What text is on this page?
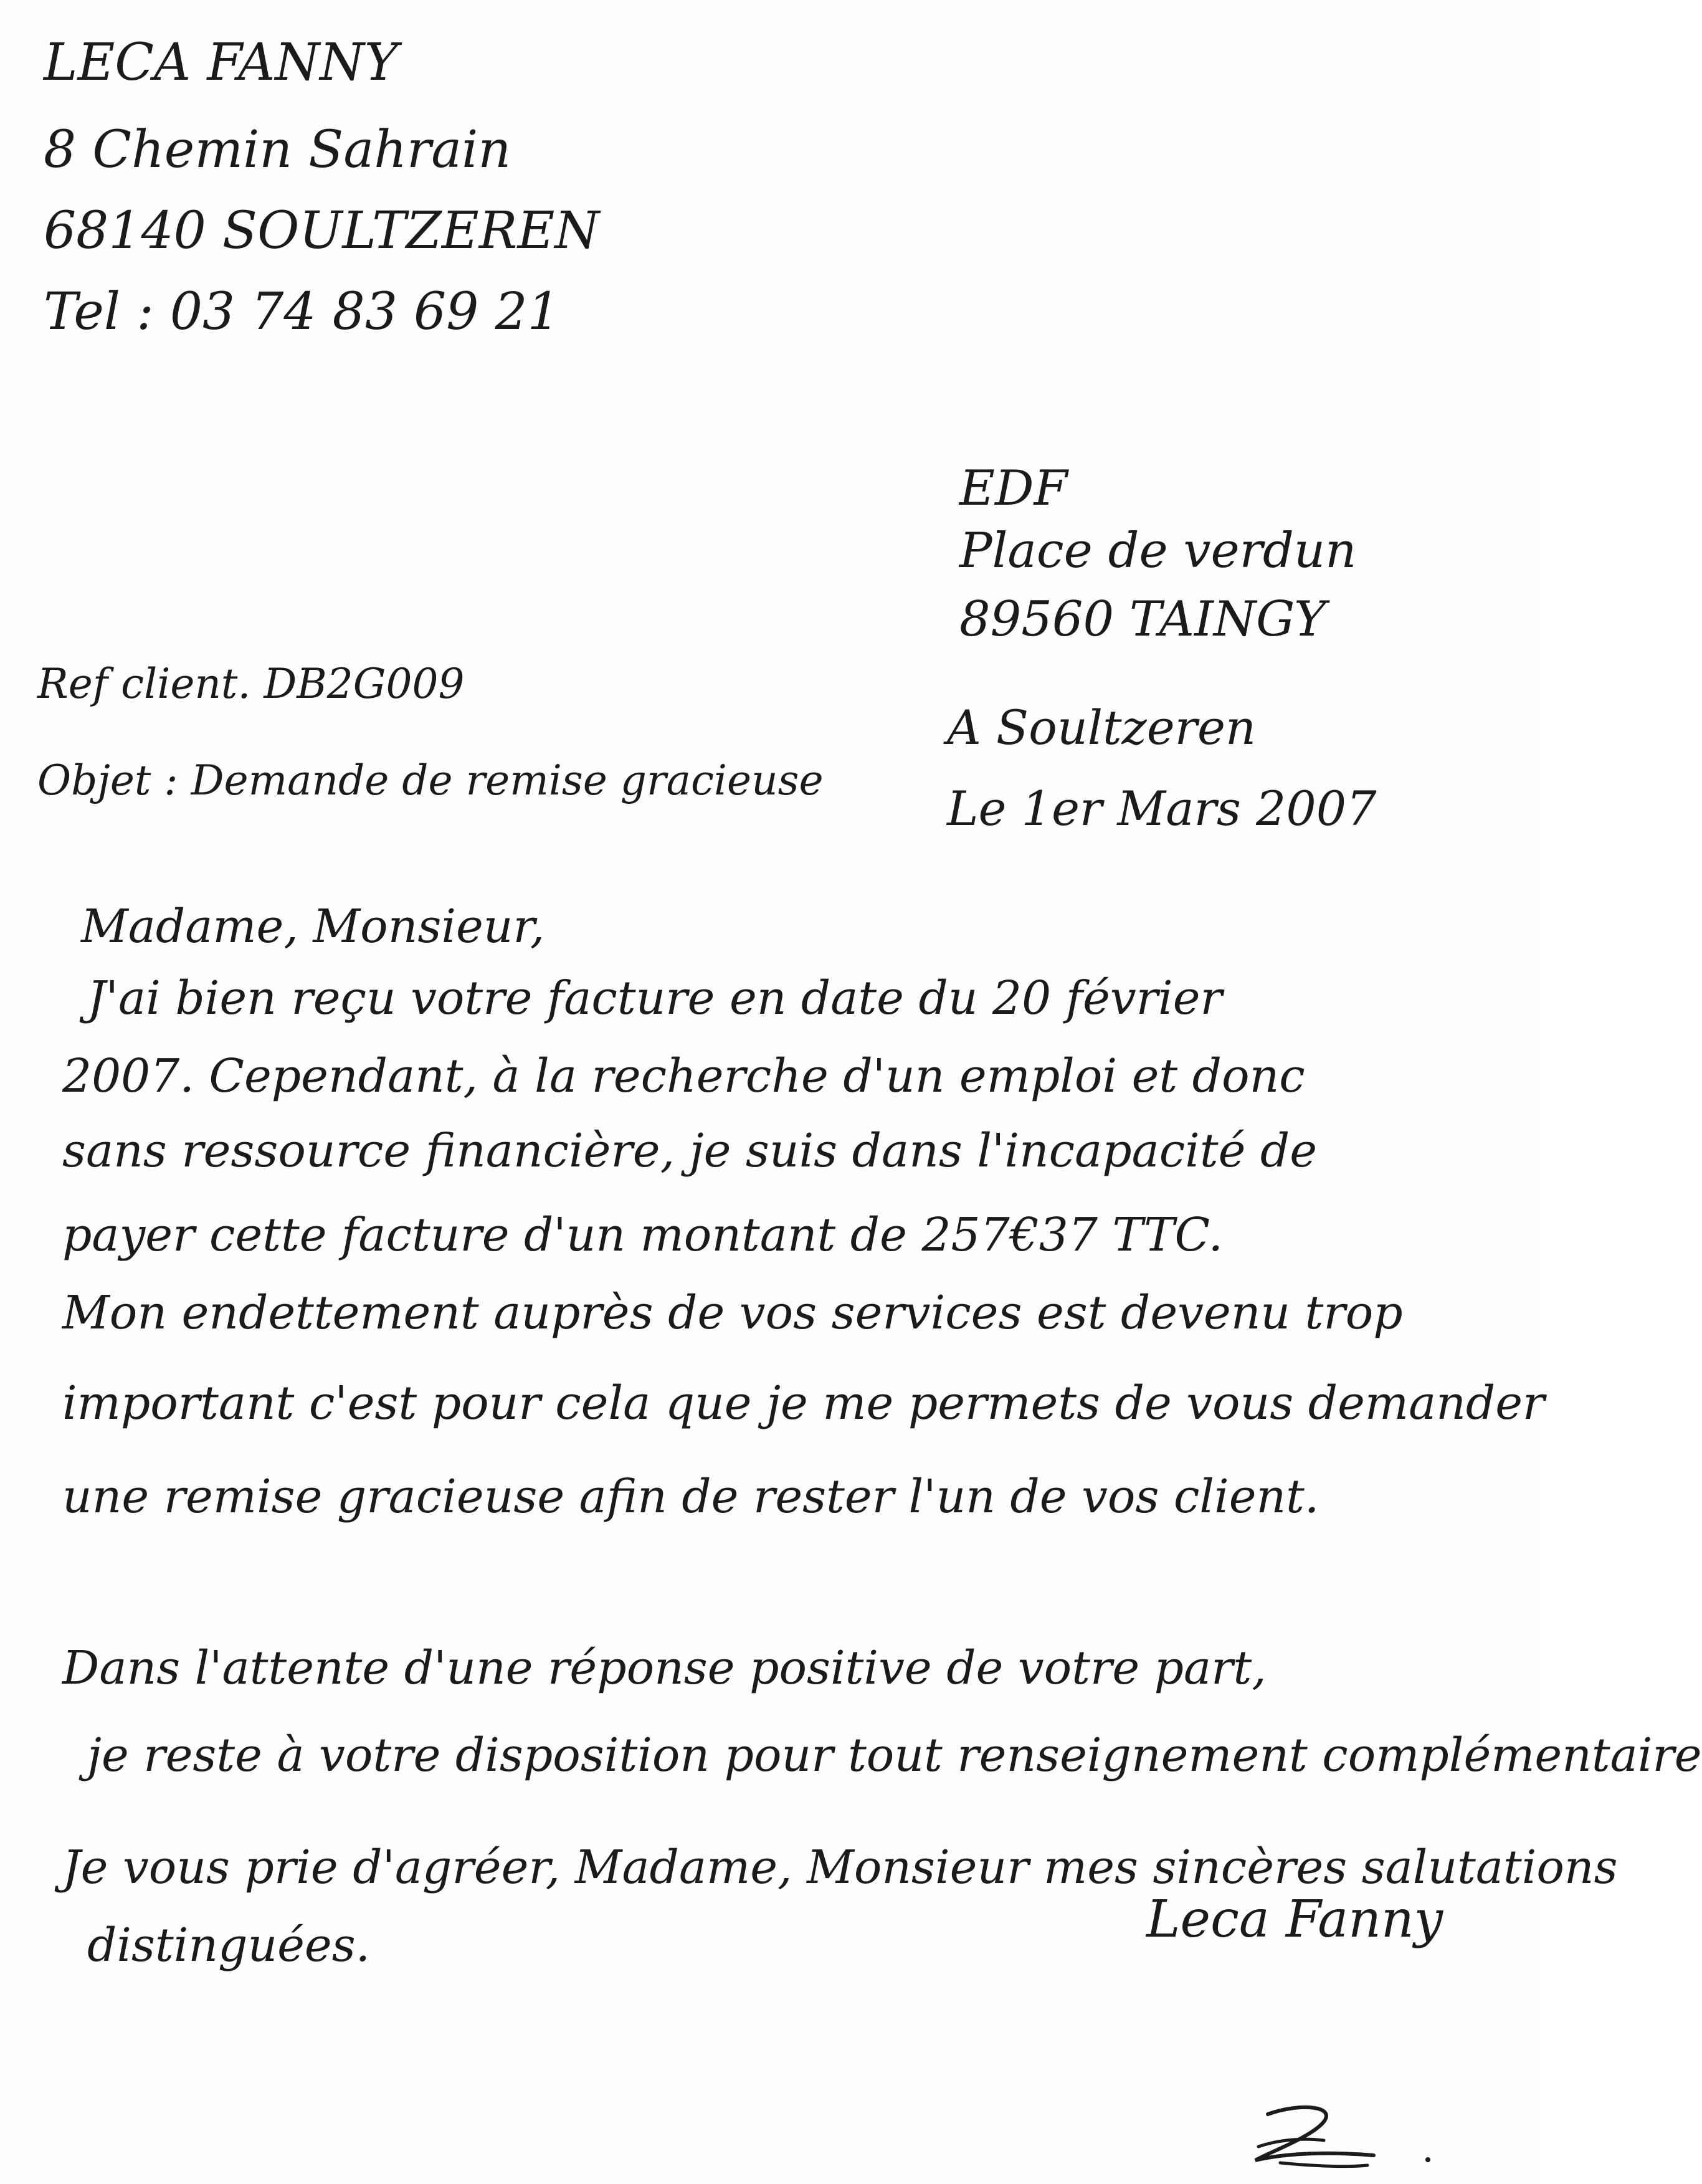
LECA FANNY
8 Chemin Sahrain
68140 SOULTZEREN
Tel : 03 74 83 69 21
EDF
Place de verdun
89560 TAINGY
Ref client. DB2G009
Objet : Demande de remise gracieuse
A Soultzeren
Le 1er Mars 2007
Madame, Monsieur,
J'ai bien reçu votre facture en date du 20 février
2007. Cependant, à la recherche d'un emploi et donc
sans ressource financière, je suis dans l'incapacité de
payer cette facture d'un montant de 257€37 TTC.
Mon endettement auprès de vos services est devenu trop
important c'est pour cela que je me permets de vous demander
une remise gracieuse afin de rester l'un de vos client.
Dans l'attente d'une réponse positive de votre part,
je reste à votre disposition pour tout renseignement complémentaire
Je vous prie d'agréer, Madame, Monsieur mes sincères salutations
distinguées.	Leca Fanny
